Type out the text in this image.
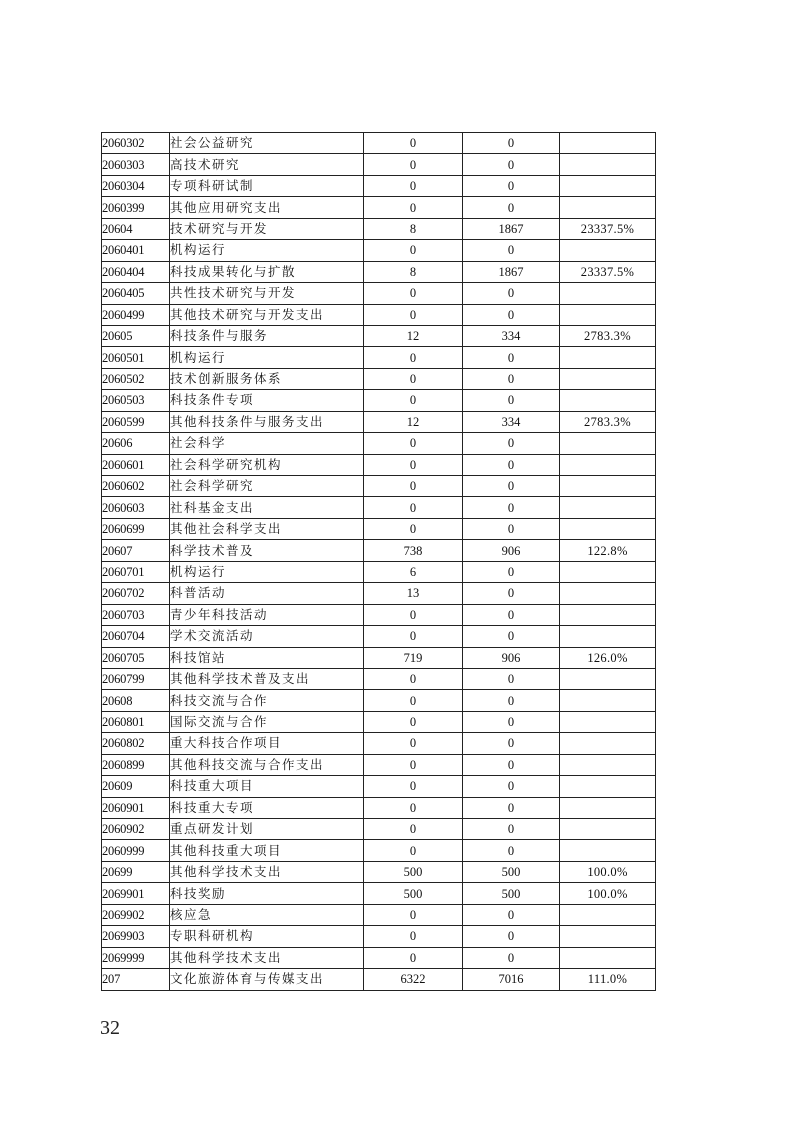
2060302	社会公益研究	0	0	
2060303	高技术研究	0	0	
2060304	专项科研试制	0	0	
2060399	其他应用研究支出	0	0	
20604	技术研究与开发	8	1867	23337.5%
2060401	机构运行	0	0	
2060404	科技成果转化与扩散	8	1867	23337.5%
2060405	共性技术研究与开发	0	0	
2060499	其他技术研究与开发支出	0	0	
20605	科技条件与服务	12	334	2783.3%
2060501	机构运行	0	0	
2060502	技术创新服务体系	0	0	
2060503	科技条件专项	0	0	
2060599	其他科技条件与服务支出	12	334	2783.3%
20606	社会科学	0	0	
2060601	社会科学研究机构	0	0	
2060602	社会科学研究	0	0	
2060603	社科基金支出	0	0	
2060699	其他社会科学支出	0	0	
20607	科学技术普及	738	906	122.8%
2060701	机构运行	6	0	
2060702	科普活动	13	0	
2060703	青少年科技活动	0	0	
2060704	学术交流活动	0	0	
2060705	科技馆站	719	906	126.0%
2060799	其他科学技术普及支出	0	0	
20608	科技交流与合作	0	0	
2060801	国际交流与合作	0	0	
2060802	重大科技合作项目	0	0	
2060899	其他科技交流与合作支出	0	0	
20609	科技重大项目	0	0	
2060901	科技重大专项	0	0	
2060902	重点研发计划	0	0	
2060999	其他科技重大项目	0	0	
20699	其他科学技术支出	500	500	100.0%
2069901	科技奖励	500	500	100.0%
2069902	核应急	0	0	
2069903	专职科研机构	0	0	
2069999	其他科学技术支出	0	0	
207	文化旅游体育与传媒支出	6322	7016	111.0%
32
